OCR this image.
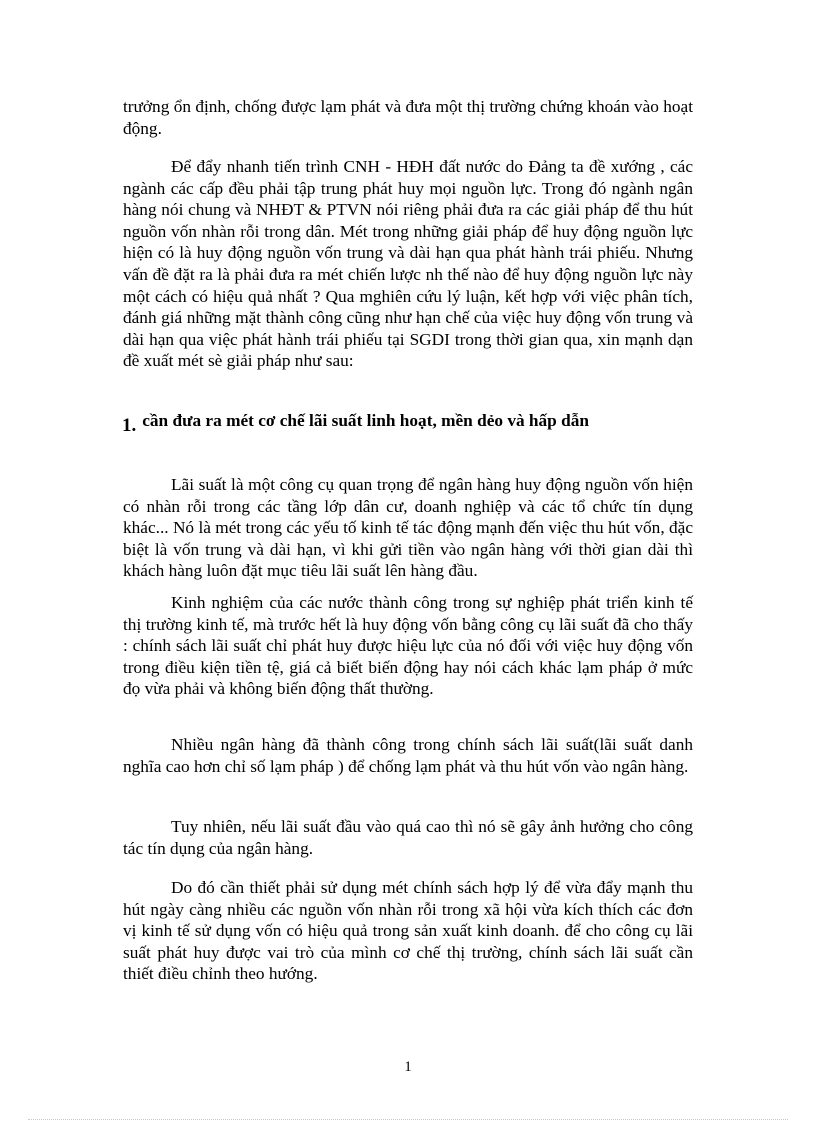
trưởng ổn định, chống được lạm phát và đưa một thị trường chứng khoán vào hoạt động.
Để đẩy nhanh tiến trình CNH - HĐH đất nước do Đảng ta đề xướng , các ngành các cấp đều phải tập trung phát huy mọi nguồn lực. Trong đó ngành ngân hàng nói chung và NHĐT & PTVN nói riêng phải đưa ra các giải pháp để thu hút nguồn vốn nhàn rỗi trong dân. Mét trong những giải pháp để huy động nguồn lực hiện có là huy động nguồn vốn trung và dài hạn qua phát hành trái phiếu. Nhưng vấn đề đặt ra là phải đưa ra mét chiến lược nh thế nào để huy động nguồn lực này một cách có hiệu quả nhất ? Qua mghiên cứu lý luận, kết hợp với việc phân tích, đánh giá những mặt thành công cũng như hạn chế của việc huy động vốn trung và dài hạn qua việc phát hành trái phiếu tại SGDI trong thời gian qua, xin mạnh dạn đề xuất mét sè giải pháp như sau:
1. cần đưa ra mét cơ chế lãi suất linh hoạt, mền dẻo và hấp dẫn
Lãi suất là một công cụ quan trọng để ngân hàng huy động nguồn vốn hiện có nhàn rỗi trong các tầng lớp dân cư, doanh nghiệp và các tổ chức tín dụng khác... Nó là mét trong các yếu tố kinh tế tác động mạnh đến việc thu hút vốn, đặc biệt là vốn trung và dài hạn, vì khi gửi tiền vào ngân hàng với thời gian dài thì khách hàng luôn đặt mục tiêu lãi suất lên hàng đầu.
Kinh nghiệm của các nước thành công trong sự nghiệp phát triển kinh tế thị trường kinh tế, mà trước hết là huy động vốn bằng công cụ lãi suất đã cho thấy : chính sách lãi suất chỉ phát huy được hiệu lực của nó đối với việc huy động vốn trong điều kiện tiền tệ, giá cả biết biến động hay nói cách khác lạm pháp ở mức đọ vừa phải và không biến động thất thường.
Nhiều ngân hàng đã thành công trong chính sách lãi suất(lãi suất danh nghĩa cao hơn chỉ số lạm pháp ) để chống lạm phát và thu hút vốn vào ngân hàng.
Tuy nhiên, nếu lãi suất đầu vào quá cao thì nó sẽ gây ảnh hưởng cho công tác tín dụng của ngân hàng.
Do đó cần thiết phải sử dụng mét chính sách hợp lý để vừa đẩy mạnh thu hút ngày càng nhiều các nguồn vốn nhàn rỗi trong xã hội vừa kích thích các đơn vị kinh tế sử dụng vốn có hiệu quả trong sản xuất kinh doanh. để cho công cụ lãi suất phát huy được vai trò của mình cơ chế thị trường, chính sách lãi suất cần thiết điều chỉnh theo hướng.
1
